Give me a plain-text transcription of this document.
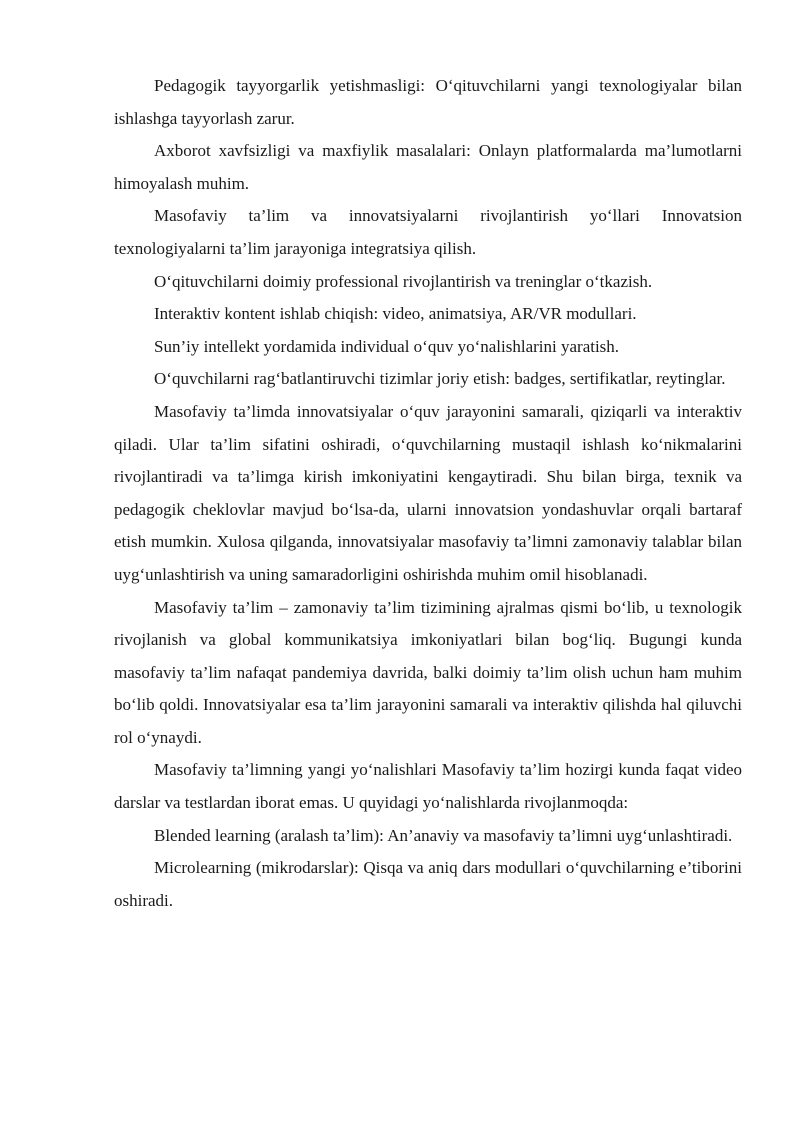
Pedagogik tayyorgarlik yetishmasligi: O‘qituvchilarni yangi texnologiyalar bilan ishlashga tayyorlash zarur.

Axborot xavfsizligi va maxfiylik masalalari: Onlayn platformalarda ma’lumotlarni himoyalash muhim.

Masofaviy ta’lim va innovatsiyalarni rivojlantirish yo‘llari Innovatsion texnologiyalarni ta’lim jarayoniga integratsiya qilish.

O‘qituvchilarni doimiy professional rivojlantirish va treninglar o‘tkazish.

Interaktiv kontent ishlab chiqish: video, animatsiya, AR/VR modullari.

Sun’iy intellekt yordamida individual o‘quv yo‘nalishlarini yaratish.

O‘quvchilarni rag‘batlantiruvchi tizimlar joriy etish: badges, sertifikatlar, reytinglar.

Masofaviy ta’limda innovatsiyalar o‘quv jarayonini samarali, qiziqarli va interaktiv qiladi. Ular ta’lim sifatini oshiradi, o‘quvchilarning mustaqil ishlash ko‘nikmalarini rivojlantiradi va ta’limga kirish imkoniyatini kengaytiradi. Shu bilan birga, texnik va pedagogik cheklovlar mavjud bo‘lsa-da, ularni innovatsion yondashuvlar orqali bartaraf etish mumkin. Xulosa qilganda, innovatsiyalar masofaviy ta’limni zamonaviy talablar bilan uyg‘unlashtirish va uning samaradorligini oshirishda muhim omil hisoblanadi.

Masofaviy ta’lim – zamonaviy ta’lim tizimining ajralmas qismi bo‘lib, u texnologik rivojlanish va global kommunikatsiya imkoniyatlari bilan bog‘liq. Bugungi kunda masofaviy ta’lim nafaqat pandemiya davrida, balki doimiy ta’lim olish uchun ham muhim bo‘lib qoldi. Innovatsiyalar esa ta’lim jarayonini samarali va interaktiv qilishda hal qiluvchi rol o‘ynaydi.

Masofaviy ta’limning yangi yo‘nalishlari Masofaviy ta’lim hozirgi kunda faqat video darslar va testlardan iborat emas. U quyidagi yo‘nalishlarda rivojlanmoqda:

Blended learning (aralash ta’lim): An’anaviy va masofaviy ta’limni uyg‘unlashtiradi.

Microlearning (mikrodarslar): Qisqa va aniq dars modullari o‘quvchilarning e’tiborini oshiradi.
